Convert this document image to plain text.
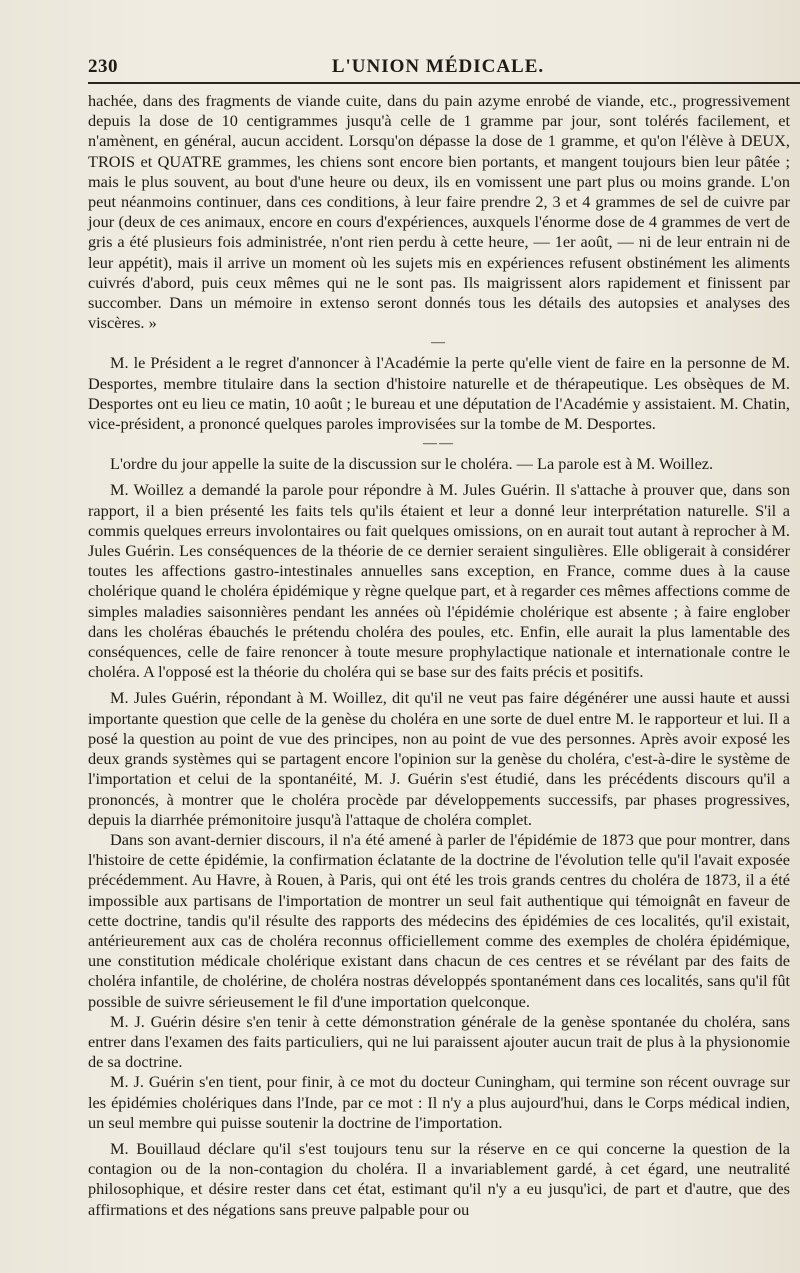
230	L'UNION MÉDICALE.

hachée, dans des fragments de viande cuite, dans du pain azyme enrobé de viande, etc., progressivement depuis la dose de 10 centigrammes jusqu'à celle de 1 gramme par jour, sont tolérés facilement, et n'amènent, en général, aucun accident. Lorsqu'on dépasse la dose de 1 gramme, et qu'on l'élève à DEUX, TROIS et QUATRE grammes, les chiens sont encore bien portants, et mangent toujours bien leur pâtée ; mais le plus souvent, au bout d'une heure ou deux, ils en vomissent une part plus ou moins grande. L'on peut néanmoins continuer, dans ces conditions, à leur faire prendre 2, 3 et 4 grammes de sel de cuivre par jour (deux de ces animaux, encore en cours d'expériences, auxquels l'énorme dose de 4 grammes de vert de gris a été plusieurs fois administrée, n'ont rien perdu à cette heure, — 1er août, — ni de leur entrain ni de leur appétit), mais il arrive un moment où les sujets mis en expériences refusent obstinément les aliments cuivrés d'abord, puis ceux mêmes qui ne le sont pas. Ils maigrissent alors rapidement et finissent par succomber. Dans un mémoire in extenso seront donnés tous les détails des autopsies et analyses des viscères. »

—

M. le Président a le regret d'annoncer à l'Académie la perte qu'elle vient de faire en la personne de M. Desportes, membre titulaire dans la section d'histoire naturelle et de thérapeutique. Les obsèques de M. Desportes ont eu lieu ce matin, 10 août ; le bureau et une députation de l'Académie y assistaient. M. Chatin, vice-président, a prononcé quelques paroles improvisées sur la tombe de M. Desportes.

——

L'ordre du jour appelle la suite de la discussion sur le choléra. — La parole est à M. Woillez.

M. Woillez a demandé la parole pour répondre à M. Jules Guérin. Il s'attache à prouver que, dans son rapport, il a bien présenté les faits tels qu'ils étaient et leur a donné leur interprétation naturelle. S'il a commis quelques erreurs involontaires ou fait quelques omissions, on en aurait tout autant à reprocher à M. Jules Guérin. Les conséquences de la théorie de ce dernier seraient singulières. Elle obligerait à considérer toutes les affections gastro-intestinales annuelles sans exception, en France, comme dues à la cause cholérique quand le choléra épidémique y règne quelque part, et à regarder ces mêmes affections comme de simples maladies saisonnières pendant les années où l'épidémie cholérique est absente ; à faire englober dans les choléras ébauchés le prétendu choléra des poules, etc. Enfin, elle aurait la plus lamentable des conséquences, celle de faire renoncer à toute mesure prophylactique nationale et internationale contre le choléra. A l'opposé est la théorie du choléra qui se base sur des faits précis et positifs.

M. Jules Guérin, répondant à M. Woillez, dit qu'il ne veut pas faire dégénérer une aussi haute et aussi importante question que celle de la genèse du choléra en une sorte de duel entre M. le rapporteur et lui. Il a posé la question au point de vue des principes, non au point de vue des personnes. Après avoir exposé les deux grands systèmes qui se partagent encore l'opinion sur la genèse du choléra, c'est-à-dire le système de l'importation et celui de la spontanéité, M. J. Guérin s'est étudié, dans les précédents discours qu'il a prononcés, à montrer que le choléra procède par développements successifs, par phases progressives, depuis la diarrhée prémonitoire jusqu'à l'attaque de choléra complet.

Dans son avant-dernier discours, il n'a été amené à parler de l'épidémie de 1873 que pour montrer, dans l'histoire de cette épidémie, la confirmation éclatante de la doctrine de l'évolution telle qu'il l'avait exposée précédemment. Au Havre, à Rouen, à Paris, qui ont été les trois grands centres du choléra de 1873, il a été impossible aux partisans de l'importation de montrer un seul fait authentique qui témoignât en faveur de cette doctrine, tandis qu'il résulte des rapports des médecins des épidémies de ces localités, qu'il existait, antérieurement aux cas de choléra reconnus officiellement comme des exemples de choléra épidémique, une constitution médicale cholérique existant dans chacun de ces centres et se révélant par des faits de choléra infantile, de cholérine, de choléra nostras développés spontanément dans ces localités, sans qu'il fût possible de suivre sérieusement le fil d'une importation quelconque.

M. J. Guérin désire s'en tenir à cette démonstration générale de la genèse spontanée du choléra, sans entrer dans l'examen des faits particuliers, qui ne lui paraissent ajouter aucun trait de plus à la physionomie de sa doctrine.

M. J. Guérin s'en tient, pour finir, à ce mot du docteur Cuningham, qui termine son récent ouvrage sur les épidémies cholériques dans l'Inde, par ce mot : Il n'y a plus aujourd'hui, dans le Corps médical indien, un seul membre qui puisse soutenir la doctrine de l'importation.

M. Bouillaud déclare qu'il s'est toujours tenu sur la réserve en ce qui concerne la question de la contagion ou de la non-contagion du choléra. Il a invariablement gardé, à cet égard, une neutralité philosophique, et désire rester dans cet état, estimant qu'il n'y a eu jusqu'ici, de part et d'autre, que des affirmations et des négations sans preuve palpable pour ou
